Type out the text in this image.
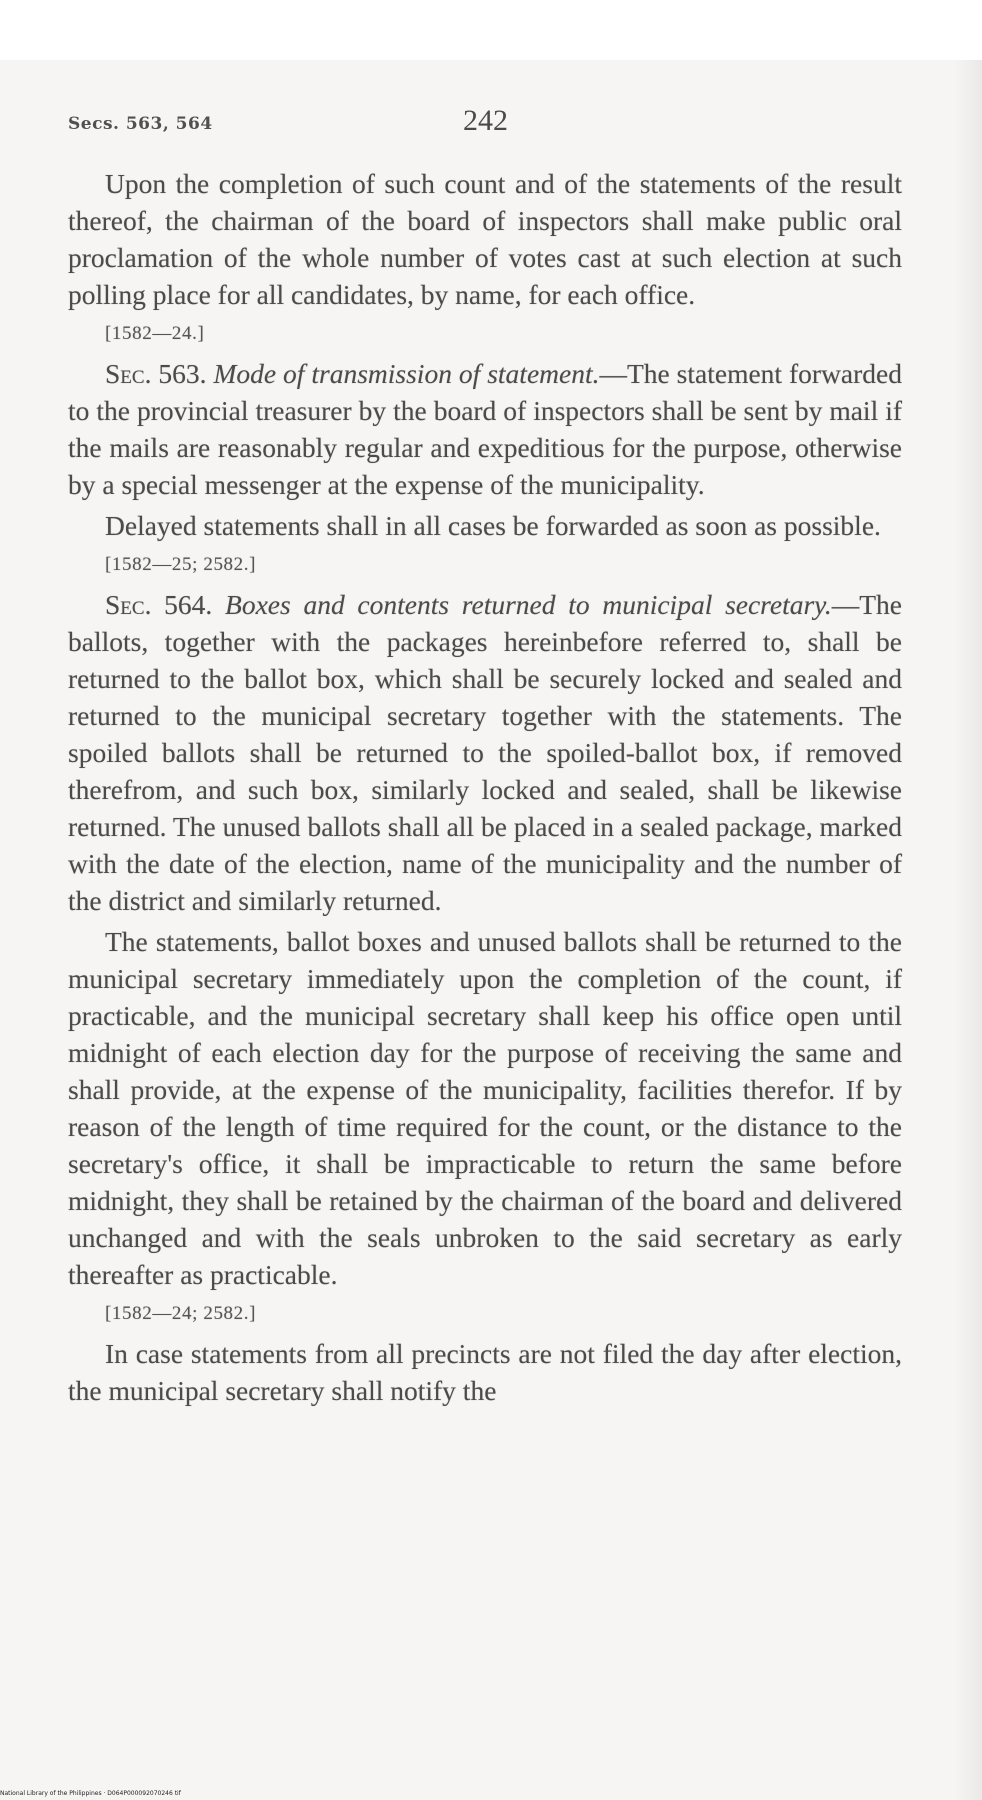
Secs. 563, 564	242

Upon the completion of such count and of the statements of the result thereof, the chairman of the board of inspectors shall make public oral proclamation of the whole number of votes cast at such election at such polling place for all candidates, by name, for each office.

[1582—24.]

Sec. 563. Mode of transmission of statement.—The statement forwarded to the provincial treasurer by the board of inspectors shall be sent by mail if the mails are reasonably regular and expeditious for the purpose, otherwise by a special messenger at the expense of the municipality.

Delayed statements shall in all cases be forwarded as soon as possible.

[1582—25; 2582.]

Sec. 564. Boxes and contents returned to municipal secretary.—The ballots, together with the packages hereinbefore referred to, shall be returned to the ballot box, which shall be securely locked and sealed and returned to the municipal secretary together with the statements. The spoiled ballots shall be returned to the spoiled-ballot box, if removed therefrom, and such box, similarly locked and sealed, shall be likewise returned. The unused ballots shall all be placed in a sealed package, marked with the date of the election, name of the municipality and the number of the district and similarly returned.

The statements, ballot boxes and unused ballots shall be returned to the municipal secretary immediately upon the completion of the count, if practicable, and the municipal secretary shall keep his office open until midnight of each election day for the purpose of receiving the same and shall provide, at the expense of the municipality, facilities therefor. If by reason of the length of time required for the count, or the distance to the secretary's office, it shall be impracticable to return the same before midnight, they shall be retained by the chairman of the board and delivered unchanged and with the seals unbroken to the said secretary as early thereafter as practicable.

[1582—24; 2582.]

In case statements from all precincts are not filed the day after election, the municipal secretary shall notify the

National Library of the Philippines · D064P000092070246 tif
